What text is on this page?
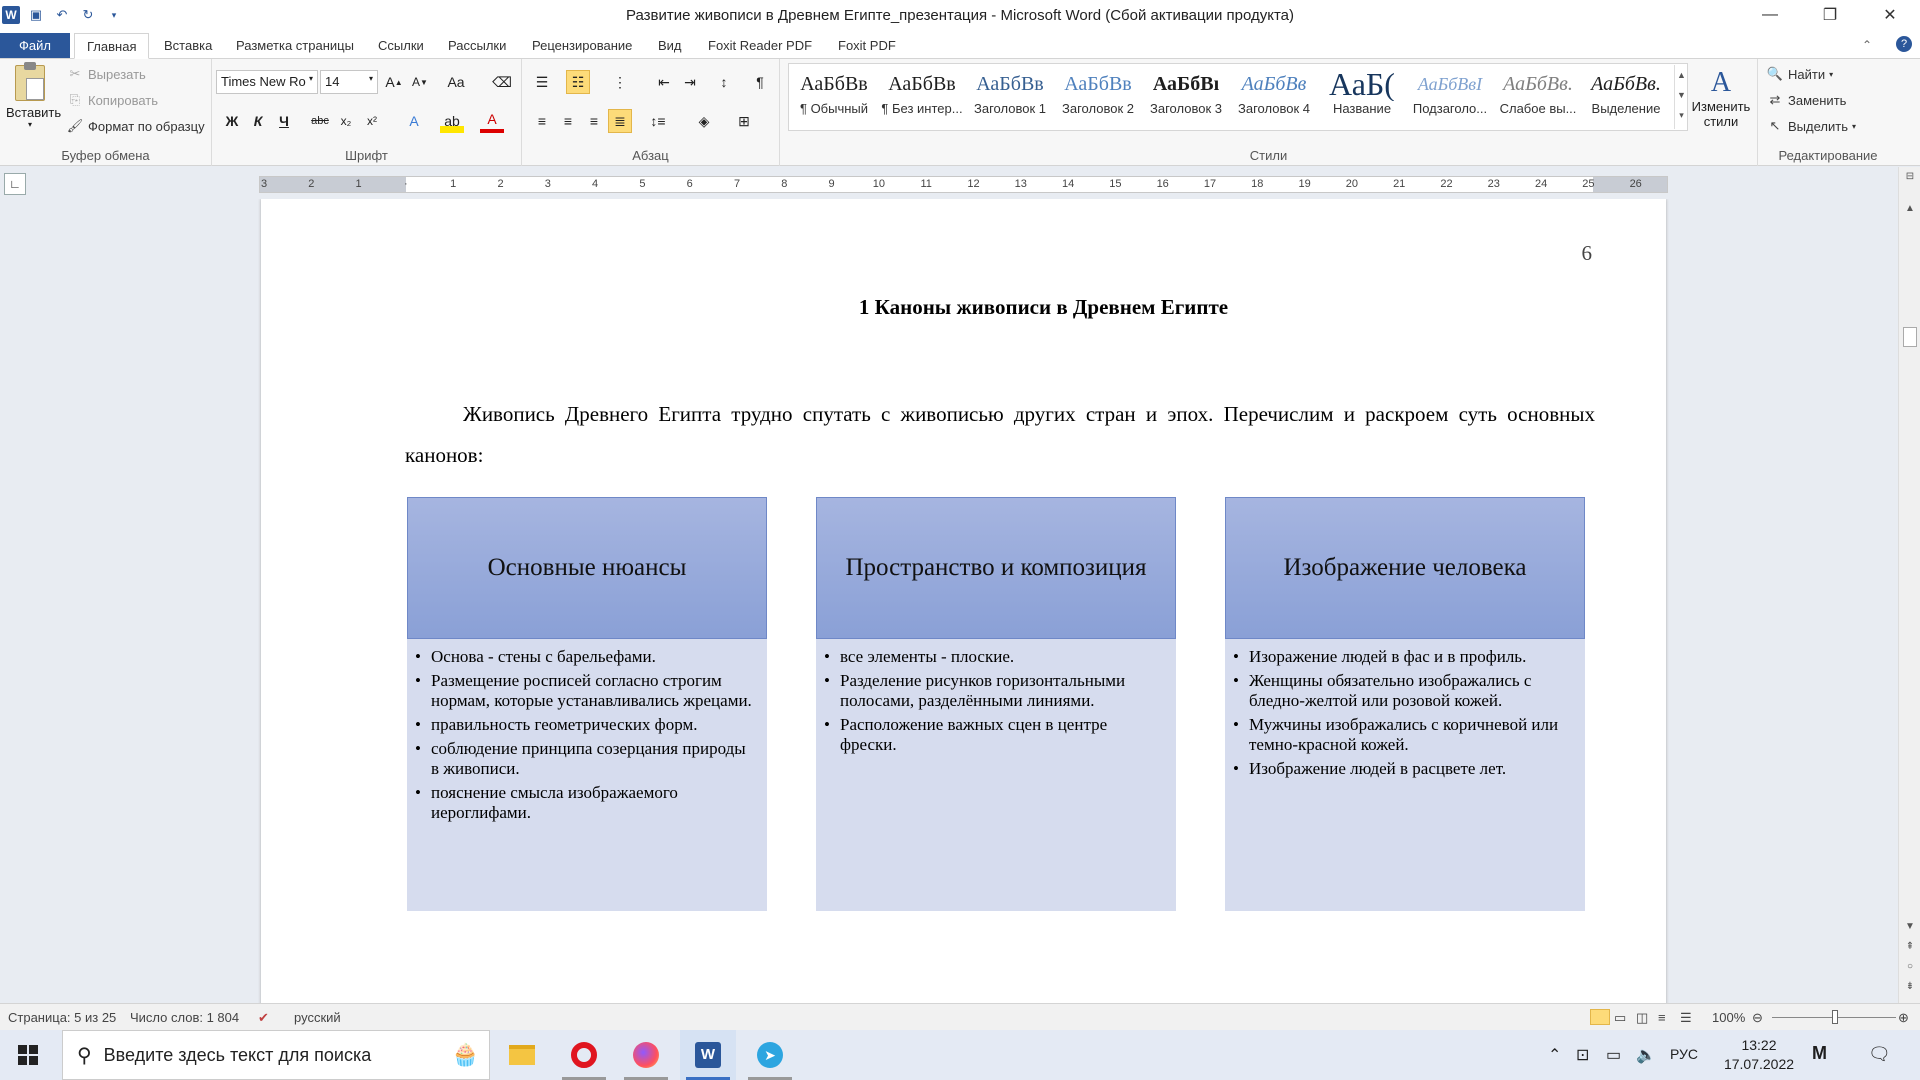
W ▣	↶	↻	▾	Развитие живописи в Древнем Египте_презентация - Microsoft Word (Сбой активации продукта)	—	❐	✕
Файл	Главная	Вставка	Разметка страницы	Ссылки	Рассылки	Рецензирование	Вид	Foxit Reader PDF	Foxit PDF	⌃	?
Вставить
▾
✂ Вырезать
⎘ Копировать
🖌 Формат по образцу
Буфер обмена
Times New Ro ▾ 14	▾ A ▲ A ▼ Aa ⌫
Ж	К	Ч	abc x₂	x²	A	ab	A
Шрифт
☰	☷	⋮	⇤	⇥	↕	¶
≡	≡	≡	≣	↕≡	◈	⊞
Абзац
АаБбВв
¶ Обычный
АаБбВв
¶ Без интер...
АаБбВв
Заголовок 1
АаБбВв
Заголовок 2
АаБбВı
Заголовок 3
АаБбВв
Заголовок 4
АаБ(
Название
АаБбВвІ
Подзаголо...
АаБбВв.
Слабое вы...
АаБбВв.
Выделение
▲
▼
▾
A
Изменить стили
Стили
🔍 Найти ▾
⇄ Заменить
↖ Выделить ▾
Редактирование
∟	3	2	1	·	1	2	3	4	5	6	7	8	9	10	11	12	13	14	15	16	17	18	19	20	21	22	23	24	25	26
6
1 Каноны живописи в Древнем Египте
Живопись Древнего Египта трудно спутать с живописью других стран и эпох. Перечислим и раскроем суть основных канонов:
Основные нюансы
• Основа - стены с барельефами.
• Размещение росписей согласно строгим нормам, которые устанавливались жрецами.
• правильность геометрических форм.
• соблюдение принципа созерцания природы в живописи.
• пояснение смысла изображаемого иероглифами.
Пространство и композиция
• все элементы - плоские.
• Разделение рисунков горизонтальными полосами, разделёнными линиями.
• Расположение важных сцен в центре фрески.
Изображение человека
• Изоражение людей в фас и в профиль.
• Женщины обязательно изображались с бледно-желтой или розовой кожей.
• Мужчины изображались с коричневой или темно-красной кожей.
• Изображение людей в расцвете лет.
⊟
▲
▼
⇞
○
⇟
Страница: 5 из 25 Число слов: 1 804 ✔ русский	▭ ◫ ≡ ☰ 100% ⊖	⊕
⚲ Введите здесь текст для поиска	🧁	W	➤	⌃ ⊡ ▭ 🔈 РУС
13:22
17.07.2022
M 🗨
